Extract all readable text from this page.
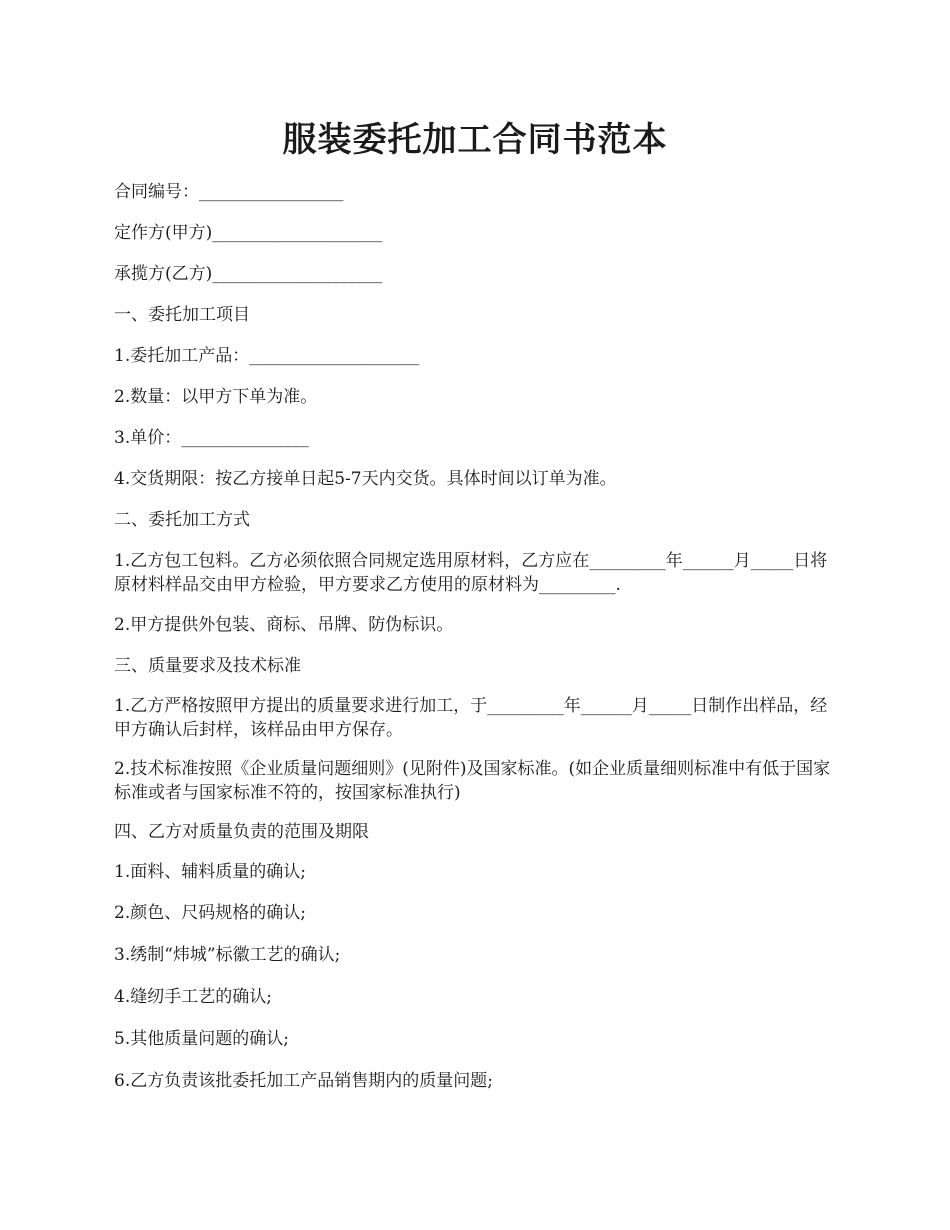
服装委托加工合同书范本

合同编号：_________________

定作方(甲方)____________________

承揽方(乙方)____________________

一、委托加工项目

1.委托加工产品：____________________

2.数量：以甲方下单为准。

3.单价：_______________

4.交货期限：按乙方接单日起5-7天内交货。具体时间以订单为准。

二、委托加工方式

1.乙方包工包料。乙方必须依照合同规定选用原材料，乙方应在_________年______月_____日将原材料样品交由甲方检验，甲方要求乙方使用的原材料为_________.

2.甲方提供外包装、商标、吊牌、防伪标识。

三、质量要求及技术标准

1.乙方严格按照甲方提出的质量要求进行加工，于_________年______月_____日制作出样品，经甲方确认后封样，该样品由甲方保存。

2.技术标准按照《企业质量问题细则》(见附件)及国家标准。(如企业质量细则标准中有低于国家标准或者与国家标准不符的，按国家标准执行)

四、乙方对质量负责的范围及期限

1.面料、辅料质量的确认;

2.颜色、尺码规格的确认;

3.绣制“炜城”标徽工艺的确认;

4.缝纫手工艺的确认;

5.其他质量问题的确认;

6.乙方负责该批委托加工产品销售期内的质量问题;
